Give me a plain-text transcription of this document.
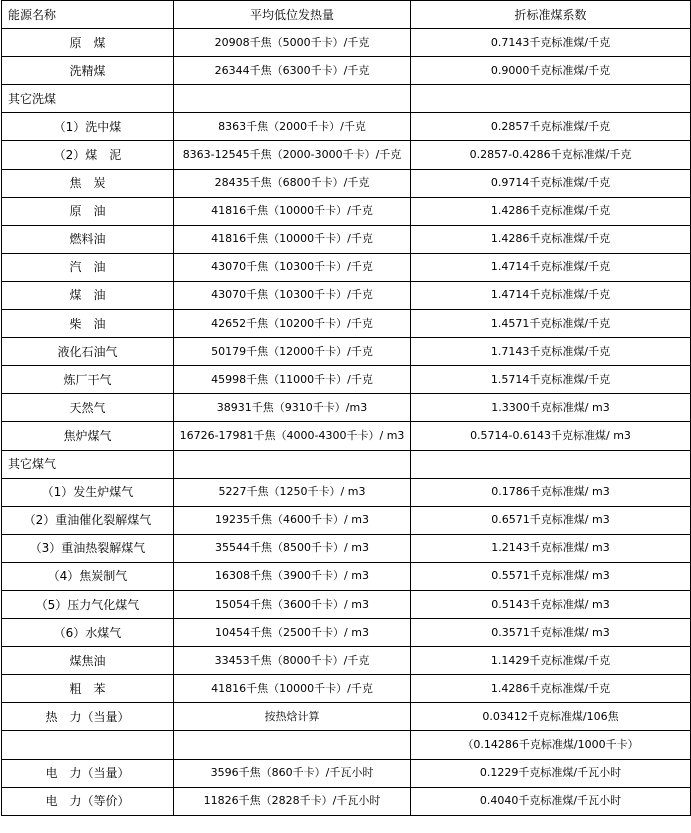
能源名称	平均低位发热量	折标准煤系数
原　煤	20908千焦（5000千卡）/千克	0.7143千克标准煤/千克
洗精煤	26344千焦（6300千卡）/千克	0.9000千克标准煤/千克
其它洗煤		
（1）洗中煤	8363千焦（2000千卡）/千克	0.2857千克标准煤/千克
（2）煤　泥	8363-12545千焦（2000-3000千卡）/千克	0.2857-0.4286千克标准煤/千克
焦　炭	28435千焦（6800千卡）/千克	0.9714千克标准煤/千克
原　油	41816千焦（10000千卡）/千克	1.4286千克标准煤/千克
燃料油	41816千焦（10000千卡）/千克	1.4286千克标准煤/千克
汽　油	43070千焦（10300千卡）/千克	1.4714千克标准煤/千克
煤　油	43070千焦（10300千卡）/千克	1.4714千克标准煤/千克
柴　油	42652千焦（10200千卡）/千克	1.4571千克标准煤/千克
液化石油气	50179千焦（12000千卡）/千克	1.7143千克标准煤/千克
炼厂干气	45998千焦（11000千卡）/千克	1.5714千克标准煤/千克
天然气	38931千焦（9310千卡）/m3	1.3300千克标准煤/ m3
焦炉煤气	16726-17981千焦（4000-4300千卡）/ m3	0.5714-0.6143千克标准煤/ m3
其它煤气		
（1）发生炉煤气	5227千焦（1250千卡）/ m3	0.1786千克标准煤/ m3
（2）重油催化裂解煤气	19235千焦（4600千卡）/ m3	0.6571千克标准煤/ m3
（3）重油热裂解煤气	35544千焦（8500千卡）/ m3	1.2143千克标准煤/ m3
（4）焦炭制气	16308千焦（3900千卡）/ m3	0.5571千克标准煤/ m3
（5）压力气化煤气	15054千焦（3600千卡）/ m3	0.5143千克标准煤/ m3
（6）水煤气	10454千焦（2500千卡）/ m3	0.3571千克标准煤/ m3
煤焦油	33453千焦（8000千卡）/千克	1.1429千克标准煤/千克
粗　苯	41816千焦（10000千卡）/千克	1.4286千克标准煤/千克
热　力（当量）	按热焓计算	0.03412千克标准煤/106焦
		（0.14286千克标准煤/1000千卡）
电　力（当量）	3596千焦（860千卡）/千瓦小时	0.1229千克标准煤/千瓦小时
电　力（等价）	11826千焦（2828千卡）/千瓦小时	0.4040千克标准煤/千瓦小时
